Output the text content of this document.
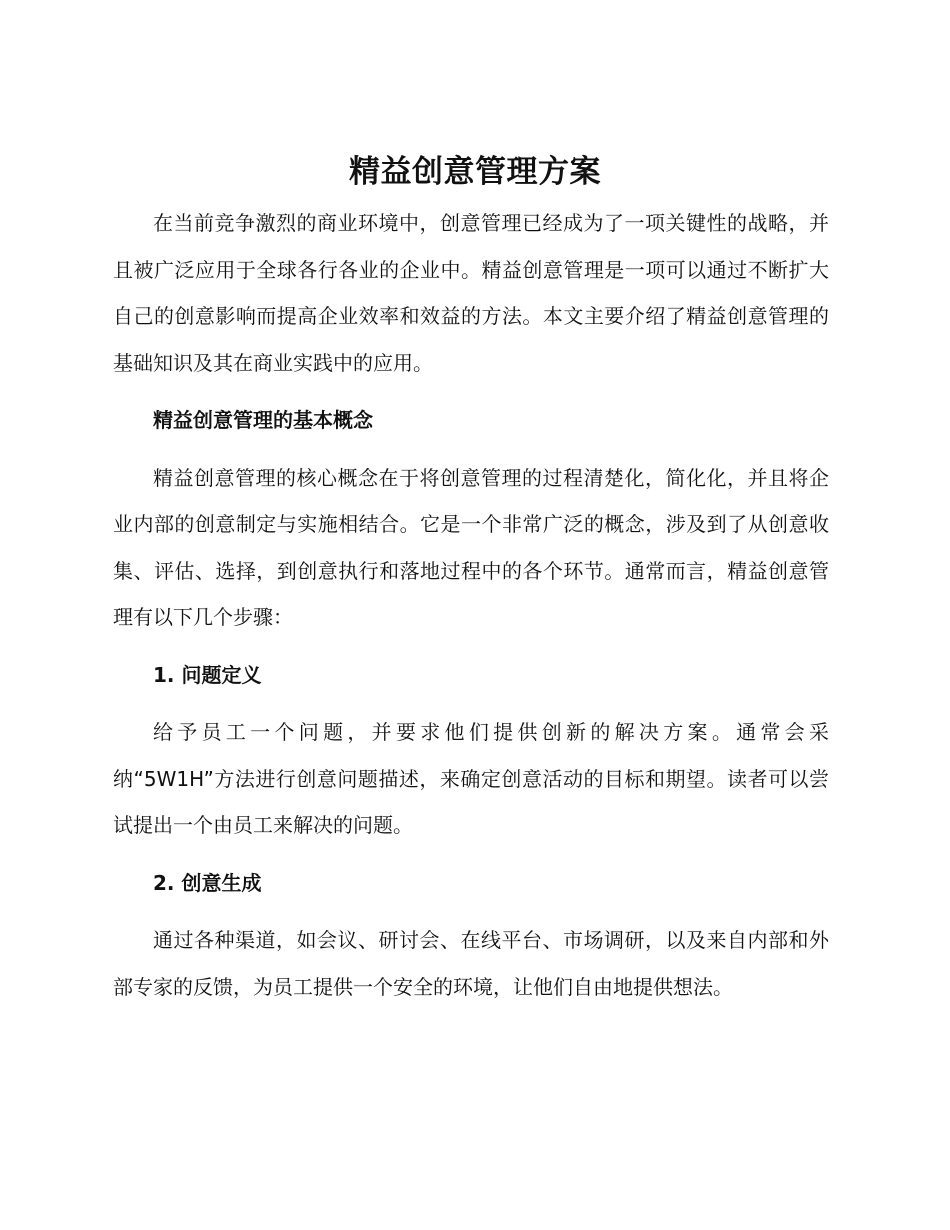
精益创意管理方案

在当前竞争激烈的商业环境中，创意管理已经成为了一项关键性的战略，并且被广泛应用于全球各行各业的企业中。精益创意管理是一项可以通过不断扩大自己的创意影响而提高企业效率和效益的方法。本文主要介绍了精益创意管理的基础知识及其在商业实践中的应用。

精益创意管理的基本概念

精益创意管理的核心概念在于将创意管理的过程清楚化，简化化，并且将企业内部的创意制定与实施相结合。它是一个非常广泛的概念，涉及到了从创意收集、评估、选择，到创意执行和落地过程中的各个环节。通常而言，精益创意管理有以下几个步骤：

1. 问题定义

给予员工一个问题，并要求他们提供创新的解决方案。通常会采纳“5W1H”方法进行创意问题描述，来确定创意活动的目标和期望。读者可以尝试提出一个由员工来解决的问题。

2. 创意生成

通过各种渠道，如会议、研讨会、在线平台、市场调研，以及来自内部和外部专家的反馈，为员工提供一个安全的环境，让他们自由地提供想法。
